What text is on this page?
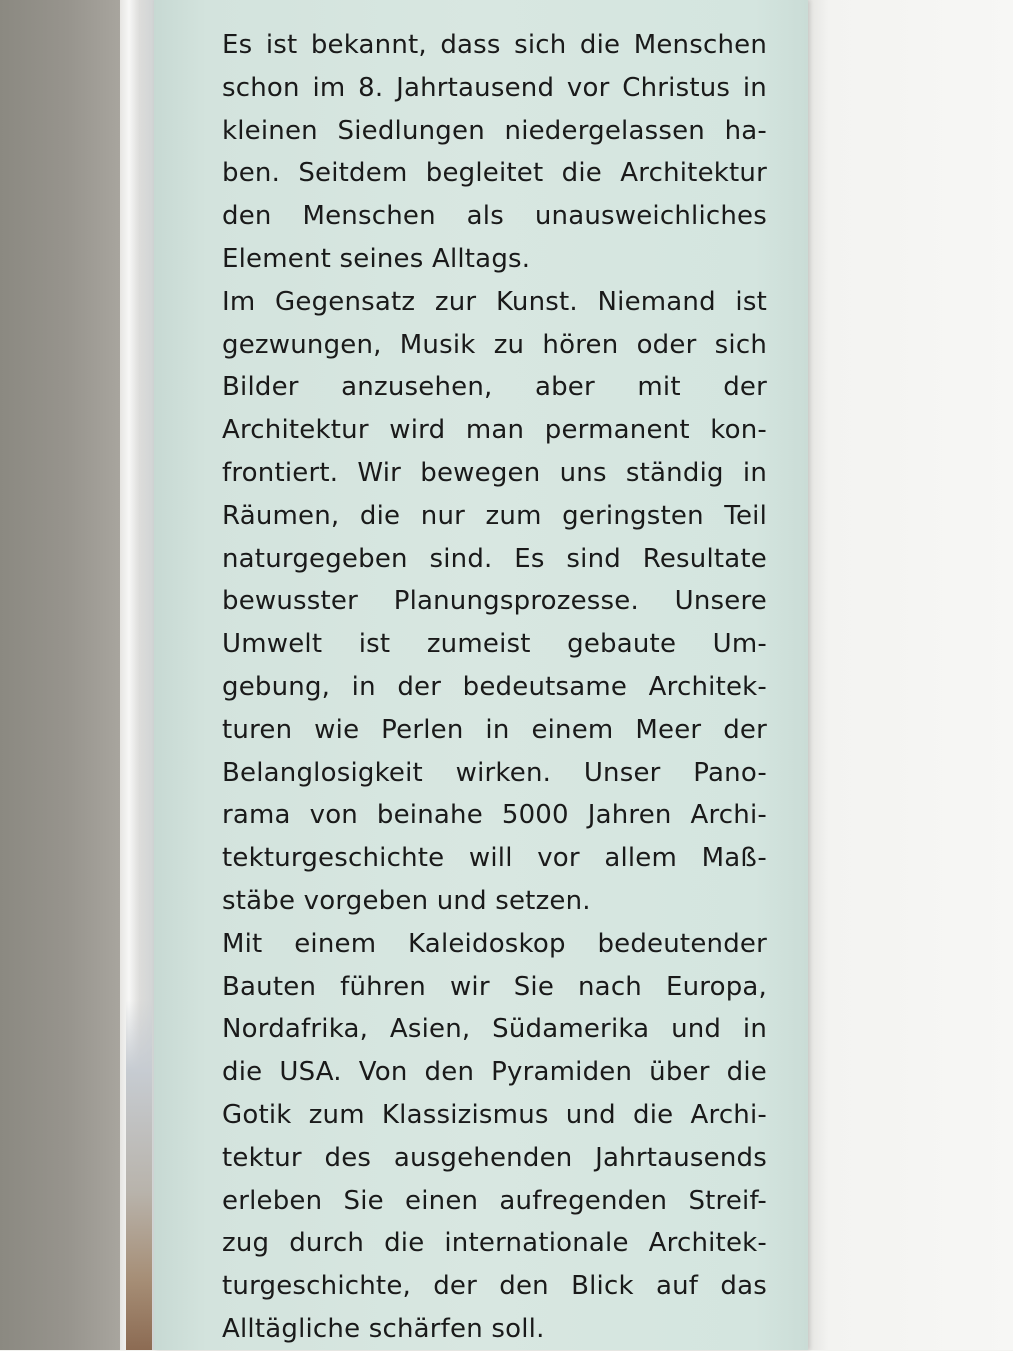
Es ist bekannt, dass sich die Menschen
schon im 8. Jahrtausend vor Christus in
kleinen Siedlungen niedergelassen ha-
ben. Seitdem begleitet die Architektur
den Menschen als unausweichliches
Element seines Alltags.
Im Gegensatz zur Kunst. Niemand ist
gezwungen, Musik zu hören oder sich
Bilder anzusehen, aber mit der
Architektur wird man permanent kon-
frontiert. Wir bewegen uns ständig in
Räumen, die nur zum geringsten Teil
naturgegeben sind. Es sind Resultate
bewusster Planungsprozesse. Unsere
Umwelt ist zumeist gebaute Um-
gebung, in der bedeutsame Architek-
turen wie Perlen in einem Meer der
Belanglosigkeit wirken. Unser Pano-
rama von beinahe 5000 Jahren Archi-
tekturgeschichte will vor allem Maß-
stäbe vorgeben und setzen.
Mit einem Kaleidoskop bedeutender
Bauten führen wir Sie nach Europa,
Nordafrika, Asien, Südamerika und in
die USA. Von den Pyramiden über die
Gotik zum Klassizismus und die Archi-
tektur des ausgehenden Jahrtausends
erleben Sie einen aufregenden Streif-
zug durch die internationale Architek-
turgeschichte, der den Blick auf das
Alltägliche schärfen soll.
